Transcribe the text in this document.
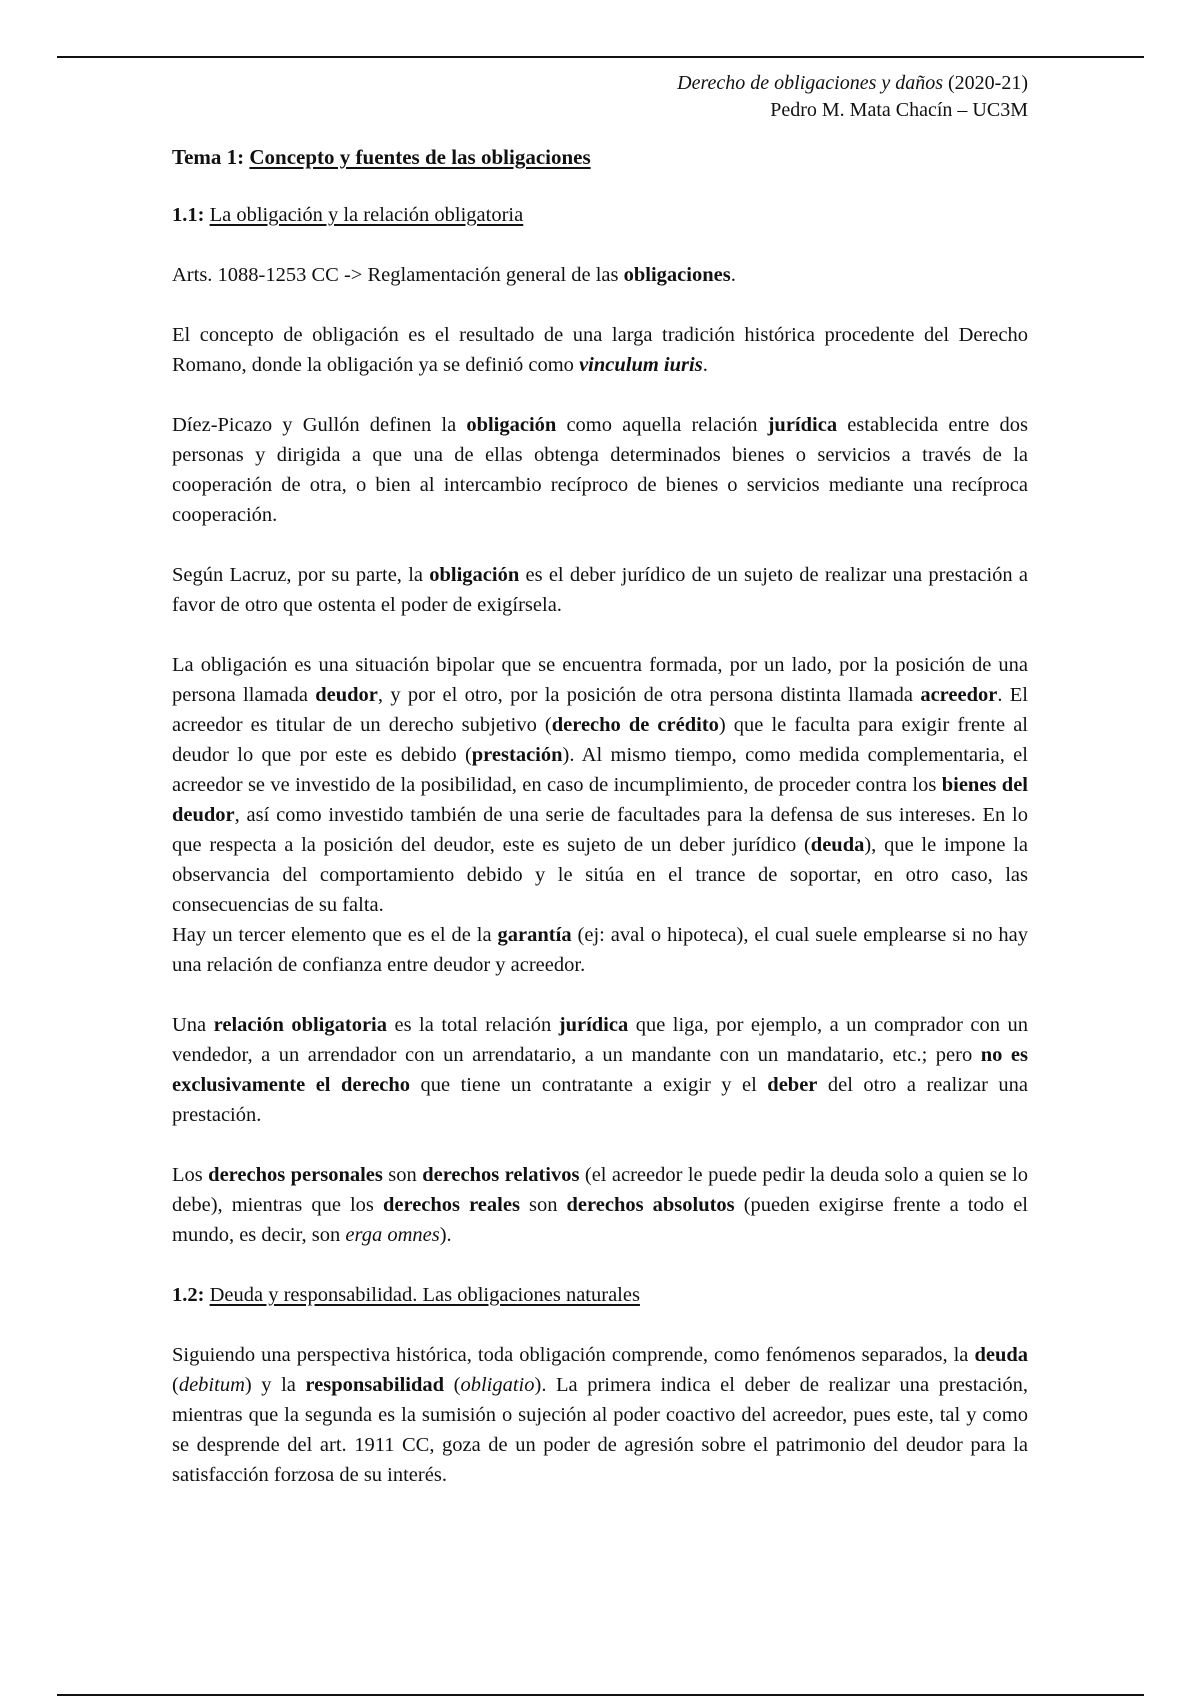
Derecho de obligaciones y daños (2020-21)
Pedro M. Mata Chacín – UC3M

Tema 1: Concepto y fuentes de las obligaciones

1.1: La obligación y la relación obligatoria

Arts. 1088-1253 CC -> Reglamentación general de las obligaciones.

El concepto de obligación es el resultado de una larga tradición histórica procedente del Derecho Romano, donde la obligación ya se definió como vinculum iuris.

Díez-Picazo y Gullón definen la obligación como aquella relación jurídica establecida entre dos personas y dirigida a que una de ellas obtenga determinados bienes o servicios a través de la cooperación de otra, o bien al intercambio recíproco de bienes o servicios mediante una recíproca cooperación.

Según Lacruz, por su parte, la obligación es el deber jurídico de un sujeto de realizar una prestación a favor de otro que ostenta el poder de exigírsela.

La obligación es una situación bipolar que se encuentra formada, por un lado, por la posición de una persona llamada deudor, y por el otro, por la posición de otra persona distinta llamada acreedor. El acreedor es titular de un derecho subjetivo (derecho de crédito) que le faculta para exigir frente al deudor lo que por este es debido (prestación). Al mismo tiempo, como medida complementaria, el acreedor se ve investido de la posibilidad, en caso de incumplimiento, de proceder contra los bienes del deudor, así como investido también de una serie de facultades para la defensa de sus intereses. En lo que respecta a la posición del deudor, este es sujeto de un deber jurídico (deuda), que le impone la observancia del comportamiento debido y le sitúa en el trance de soportar, en otro caso, las consecuencias de su falta.

Hay un tercer elemento que es el de la garantía (ej: aval o hipoteca), el cual suele emplearse si no hay una relación de confianza entre deudor y acreedor.

Una relación obligatoria es la total relación jurídica que liga, por ejemplo, a un comprador con un vendedor, a un arrendador con un arrendatario, a un mandante con un mandatario, etc.; pero no es exclusivamente el derecho que tiene un contratante a exigir y el deber del otro a realizar una prestación.

Los derechos personales son derechos relativos (el acreedor le puede pedir la deuda solo a quien se lo debe), mientras que los derechos reales son derechos absolutos (pueden exigirse frente a todo el mundo, es decir, son erga omnes).

1.2: Deuda y responsabilidad. Las obligaciones naturales

Siguiendo una perspectiva histórica, toda obligación comprende, como fenómenos separados, la deuda (debitum) y la responsabilidad (obligatio). La primera indica el deber de realizar una prestación, mientras que la segunda es la sumisión o sujeción al poder coactivo del acreedor, pues este, tal y como se desprende del art. 1911 CC, goza de un poder de agresión sobre el patrimonio del deudor para la satisfacción forzosa de su interés.
